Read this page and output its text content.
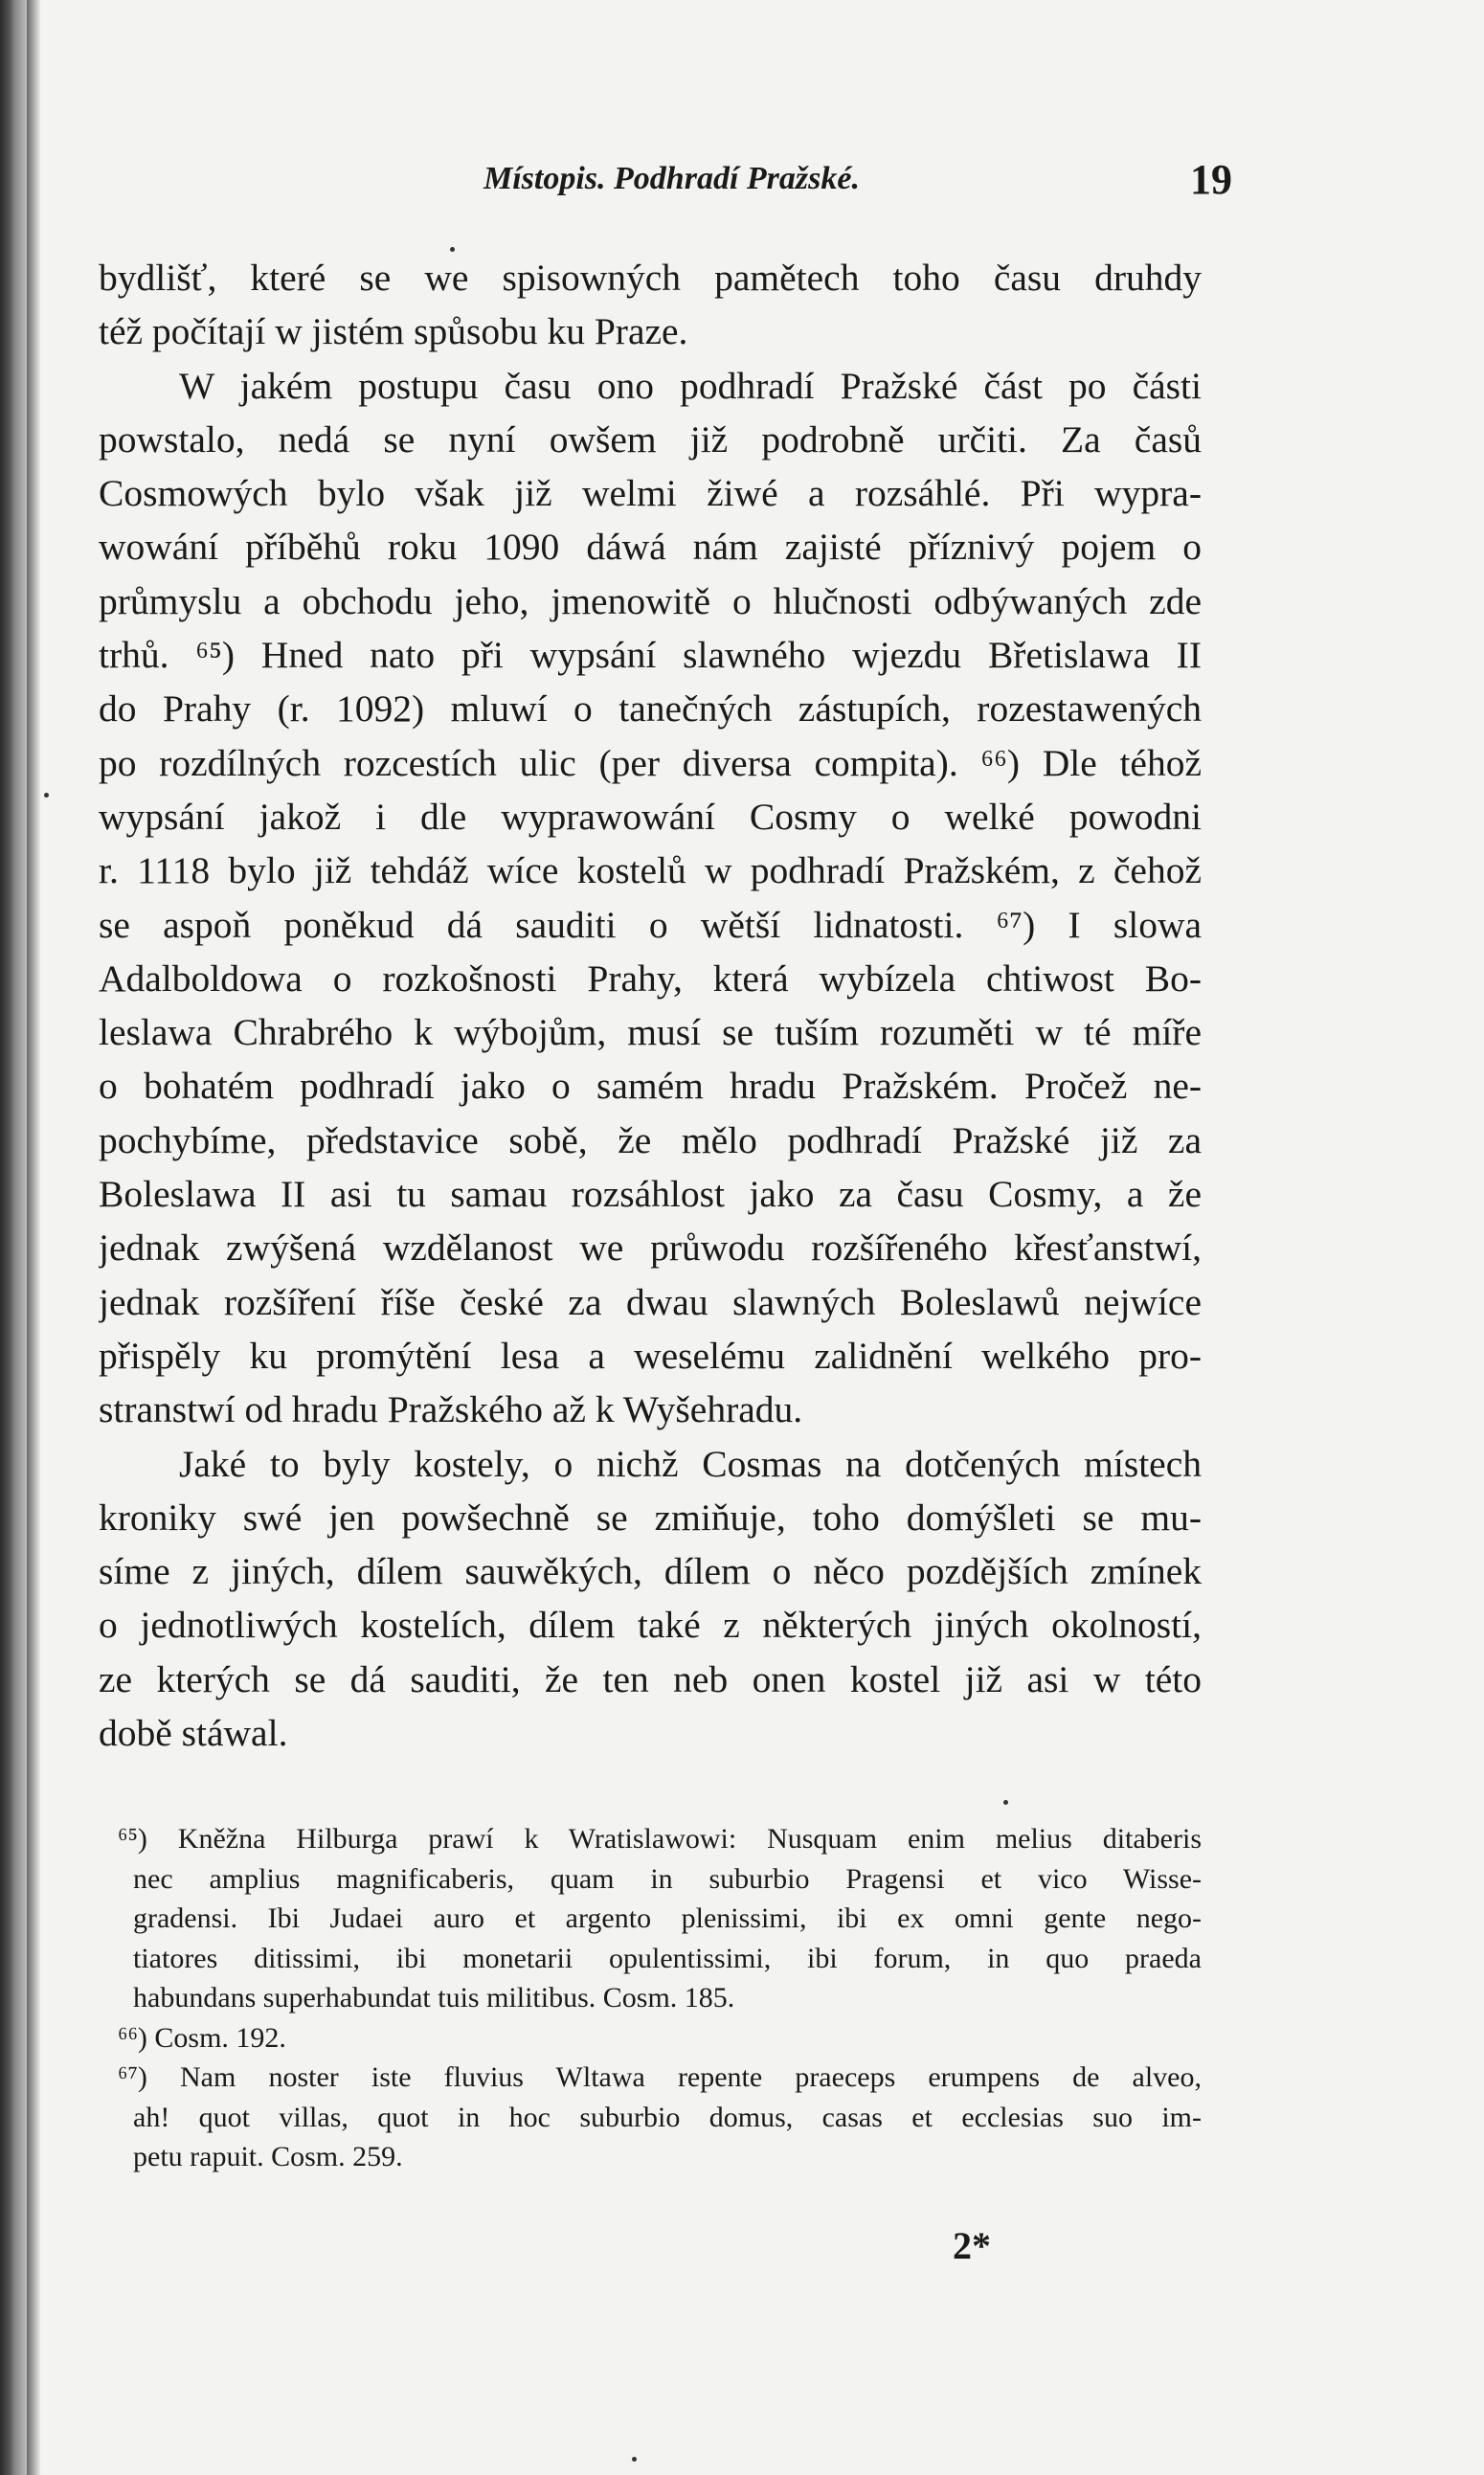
Místopis. Podhradí Pražské.	19
bydlišť, které se we spisowných pamětech toho času druhdy
též počítají w jistém spůsobu ku Praze.
W jakém postupu času ono podhradí Pražské část po části
powstalo, nedá se nyní owšem již podrobně určiti. Za časů
Cosmowých bylo však již welmi žiwé a rozsáhlé. Při wypra-
wowání příběhů roku 1090 dáwá nám zajisté příznivý pojem o
průmyslu a obchodu jeho, jmenowitě o hlučnosti odbýwaných zde
trhů. ⁶⁵) Hned nato při wypsání slawného wjezdu Břetislawa II
do Prahy (r. 1092) mluwí o tanečných zástupích, rozestawených
po rozdílných rozcestích ulic (per diversa compita). ⁶⁶) Dle téhož
wypsání jakož i dle wyprawowání Cosmy o welké powodni
r. 1118 bylo již tehdáž wíce kostelů w podhradí Pražském, z čehož
se aspoň poněkud dá sauditi o wětší lidnatosti. ⁶⁷) I slowa
Adalboldowa o rozkošnosti Prahy, která wybízela chtiwost Bo-
leslawa Chrabrého k wýbojům, musí se tuším rozuměti w té míře
o bohatém podhradí jako o samém hradu Pražském. Pročež ne-
pochybíme, představice sobě, že mělo podhradí Pražské již za
Boleslawa II asi tu samau rozsáhlost jako za času Cosmy, a že
jednak zwýšená wzdělanost we průwodu rozšířeného křesťanstwí,
jednak rozšíření říše české za dwau slawných Boleslawů nejwíce
přispěly ku promýtění lesa a weselému zalidnění welkého pro-
stranstwí od hradu Pražského až k Wyšehradu.
Jaké to byly kostely, o nichž Cosmas na dotčených místech
kroniky swé jen powšechně se zmiňuje, toho domýšleti se mu-
síme z jiných, dílem sauwěkých, dílem o něco pozdějších zmínek
o jednotliwých kostelích, dílem také z některých jiných okolností,
ze kterých se dá sauditi, že ten neb onen kostel již asi w této
době stáwal.
⁶⁵) Kněžna Hilburga prawí k Wratislawowi: Nusquam enim melius ditaberis
nec amplius magnificaberis, quam in suburbio Pragensi et vico Wisse-
gradensi. Ibi Judaei auro et argento plenissimi, ibi ex omni gente nego-
tiatores ditissimi, ibi monetarii opulentissimi, ibi forum, in quo praeda
habundans superhabundat tuis militibus. Cosm. 185.
⁶⁶) Cosm. 192.
⁶⁷) Nam noster iste fluvius Wltawa repente praeceps erumpens de alveo,
ah! quot villas, quot in hoc suburbio domus, casas et ecclesias suo im-
petu rapuit. Cosm. 259.
2*
